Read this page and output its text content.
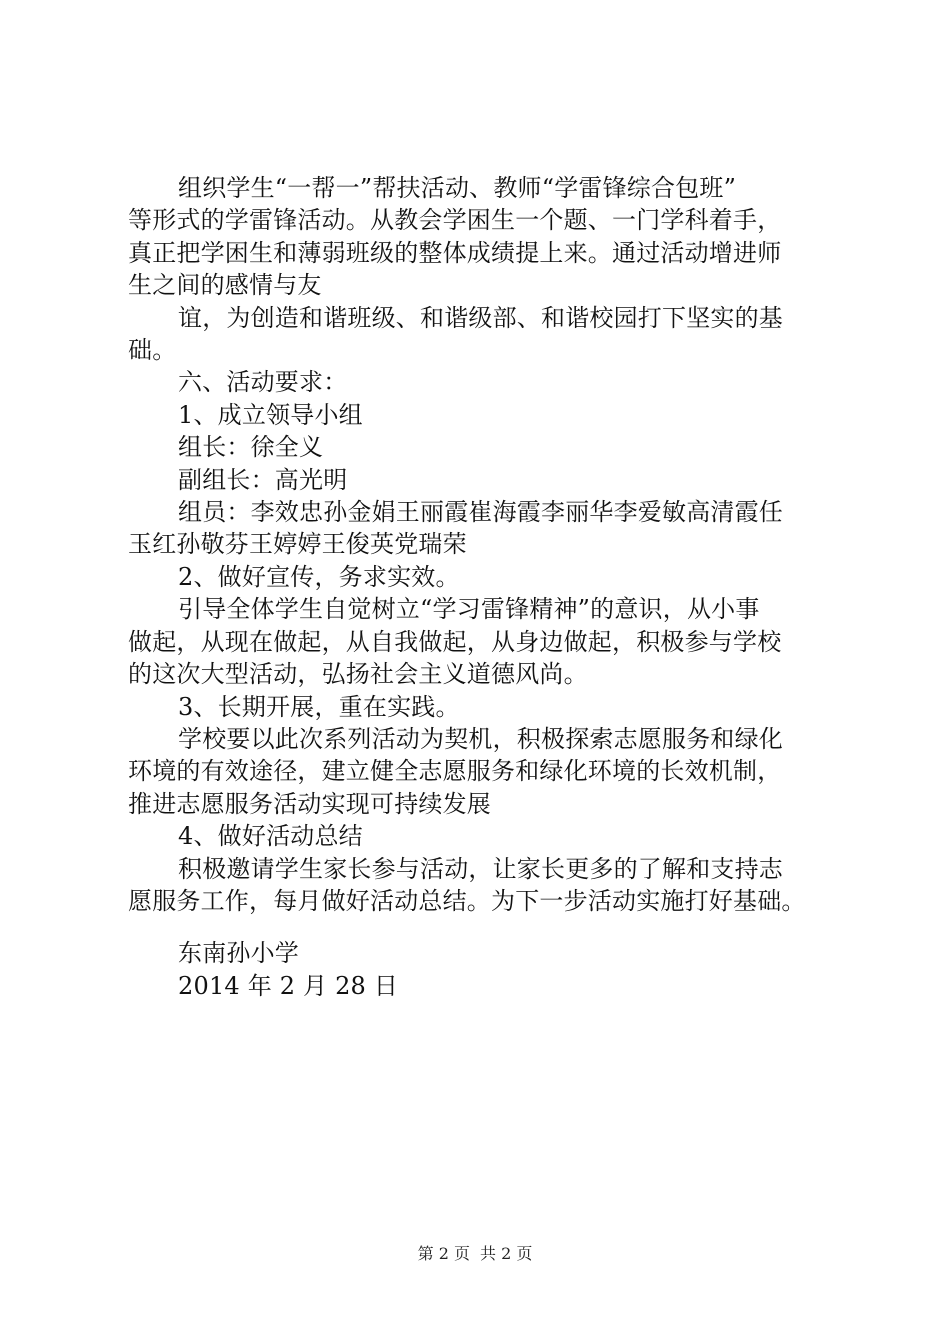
组织学生“一帮一”帮扶活动、教师“学雷锋综合包班”

等形式的学雷锋活动。从教会学困生一个题、一门学科着手，

真正把学困生和薄弱班级的整体成绩提上来。通过活动增进师

生之间的感情与友

谊，为创造和谐班级、和谐级部、和谐校园打下坚实的基

础。

六、活动要求：

1、成立领导小组

组长：徐全义

副组长：高光明

组员：李效忠孙金娟王丽霞崔海霞李丽华李爱敏高清霞任

玉红孙敬芬王婷婷王俊英党瑞荣

2、做好宣传，务求实效。

引导全体学生自觉树立“学习雷锋精神”的意识，从小事

做起，从现在做起，从自我做起，从身边做起，积极参与学校

的这次大型活动，弘扬社会主义道德风尚。

3、长期开展，重在实践。

学校要以此次系列活动为契机，积极探索志愿服务和绿化

环境的有效途径，建立健全志愿服务和绿化环境的长效机制，

推进志愿服务活动实现可持续发展

4、做好活动总结

积极邀请学生家长参与活动，让家长更多的了解和支持志

愿服务工作，每月做好活动总结。为下一步活动实施打好基础。

东南孙小学

2014 年 2 月 28 日

第 2 页 共 2 页
